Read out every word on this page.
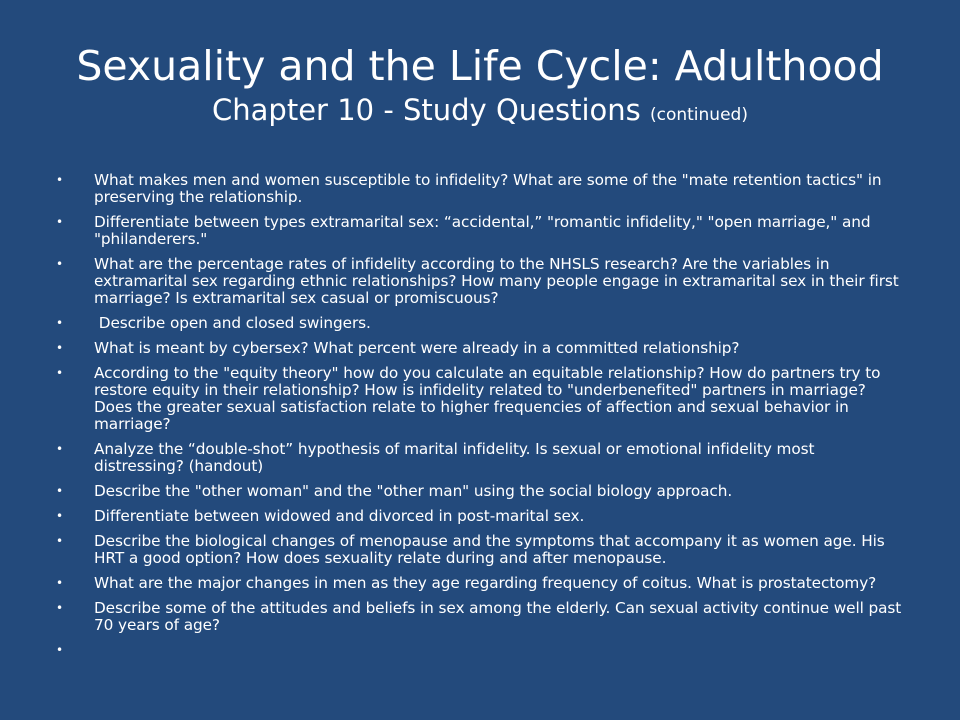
Sexuality and the Life Cycle: Adulthood
Chapter 10 - Study Questions (continued)
• What makes men and women susceptible to infidelity? What are some of the "mate retention tactics" in preserving the relationship.
• Differentiate between types extramarital sex: “accidental,” "romantic infidelity," "open marriage," and "philanderers."
• What are the percentage rates of infidelity according to the NHSLS research? Are the variables in extramarital sex regarding ethnic relationships? How many people engage in extramarital sex in their first marriage? Is extramarital sex casual or promiscuous?
• Describe open and closed swingers.
• What is meant by cybersex? What percent were already in a committed relationship?
• According to the "equity theory" how do you calculate an equitable relationship? How do partners try to restore equity in their relationship? How is infidelity related to "underbenefited" partners in marriage? Does the greater sexual satisfaction relate to higher frequencies of affection and sexual behavior in marriage?
• Analyze the “double-shot” hypothesis of marital infidelity. Is sexual or emotional infidelity most distressing? (handout)
• Describe the "other woman" and the "other man" using the social biology approach.
• Differentiate between widowed and divorced in post-marital sex.
• Describe the biological changes of menopause and the symptoms that accompany it as women age. His HRT a good option? How does sexuality relate during and after menopause.
• What are the major changes in men as they age regarding frequency of coitus. What is prostatectomy?
• Describe some of the attitudes and beliefs in sex among the elderly. Can sexual activity continue well past 70 years of age?
•
